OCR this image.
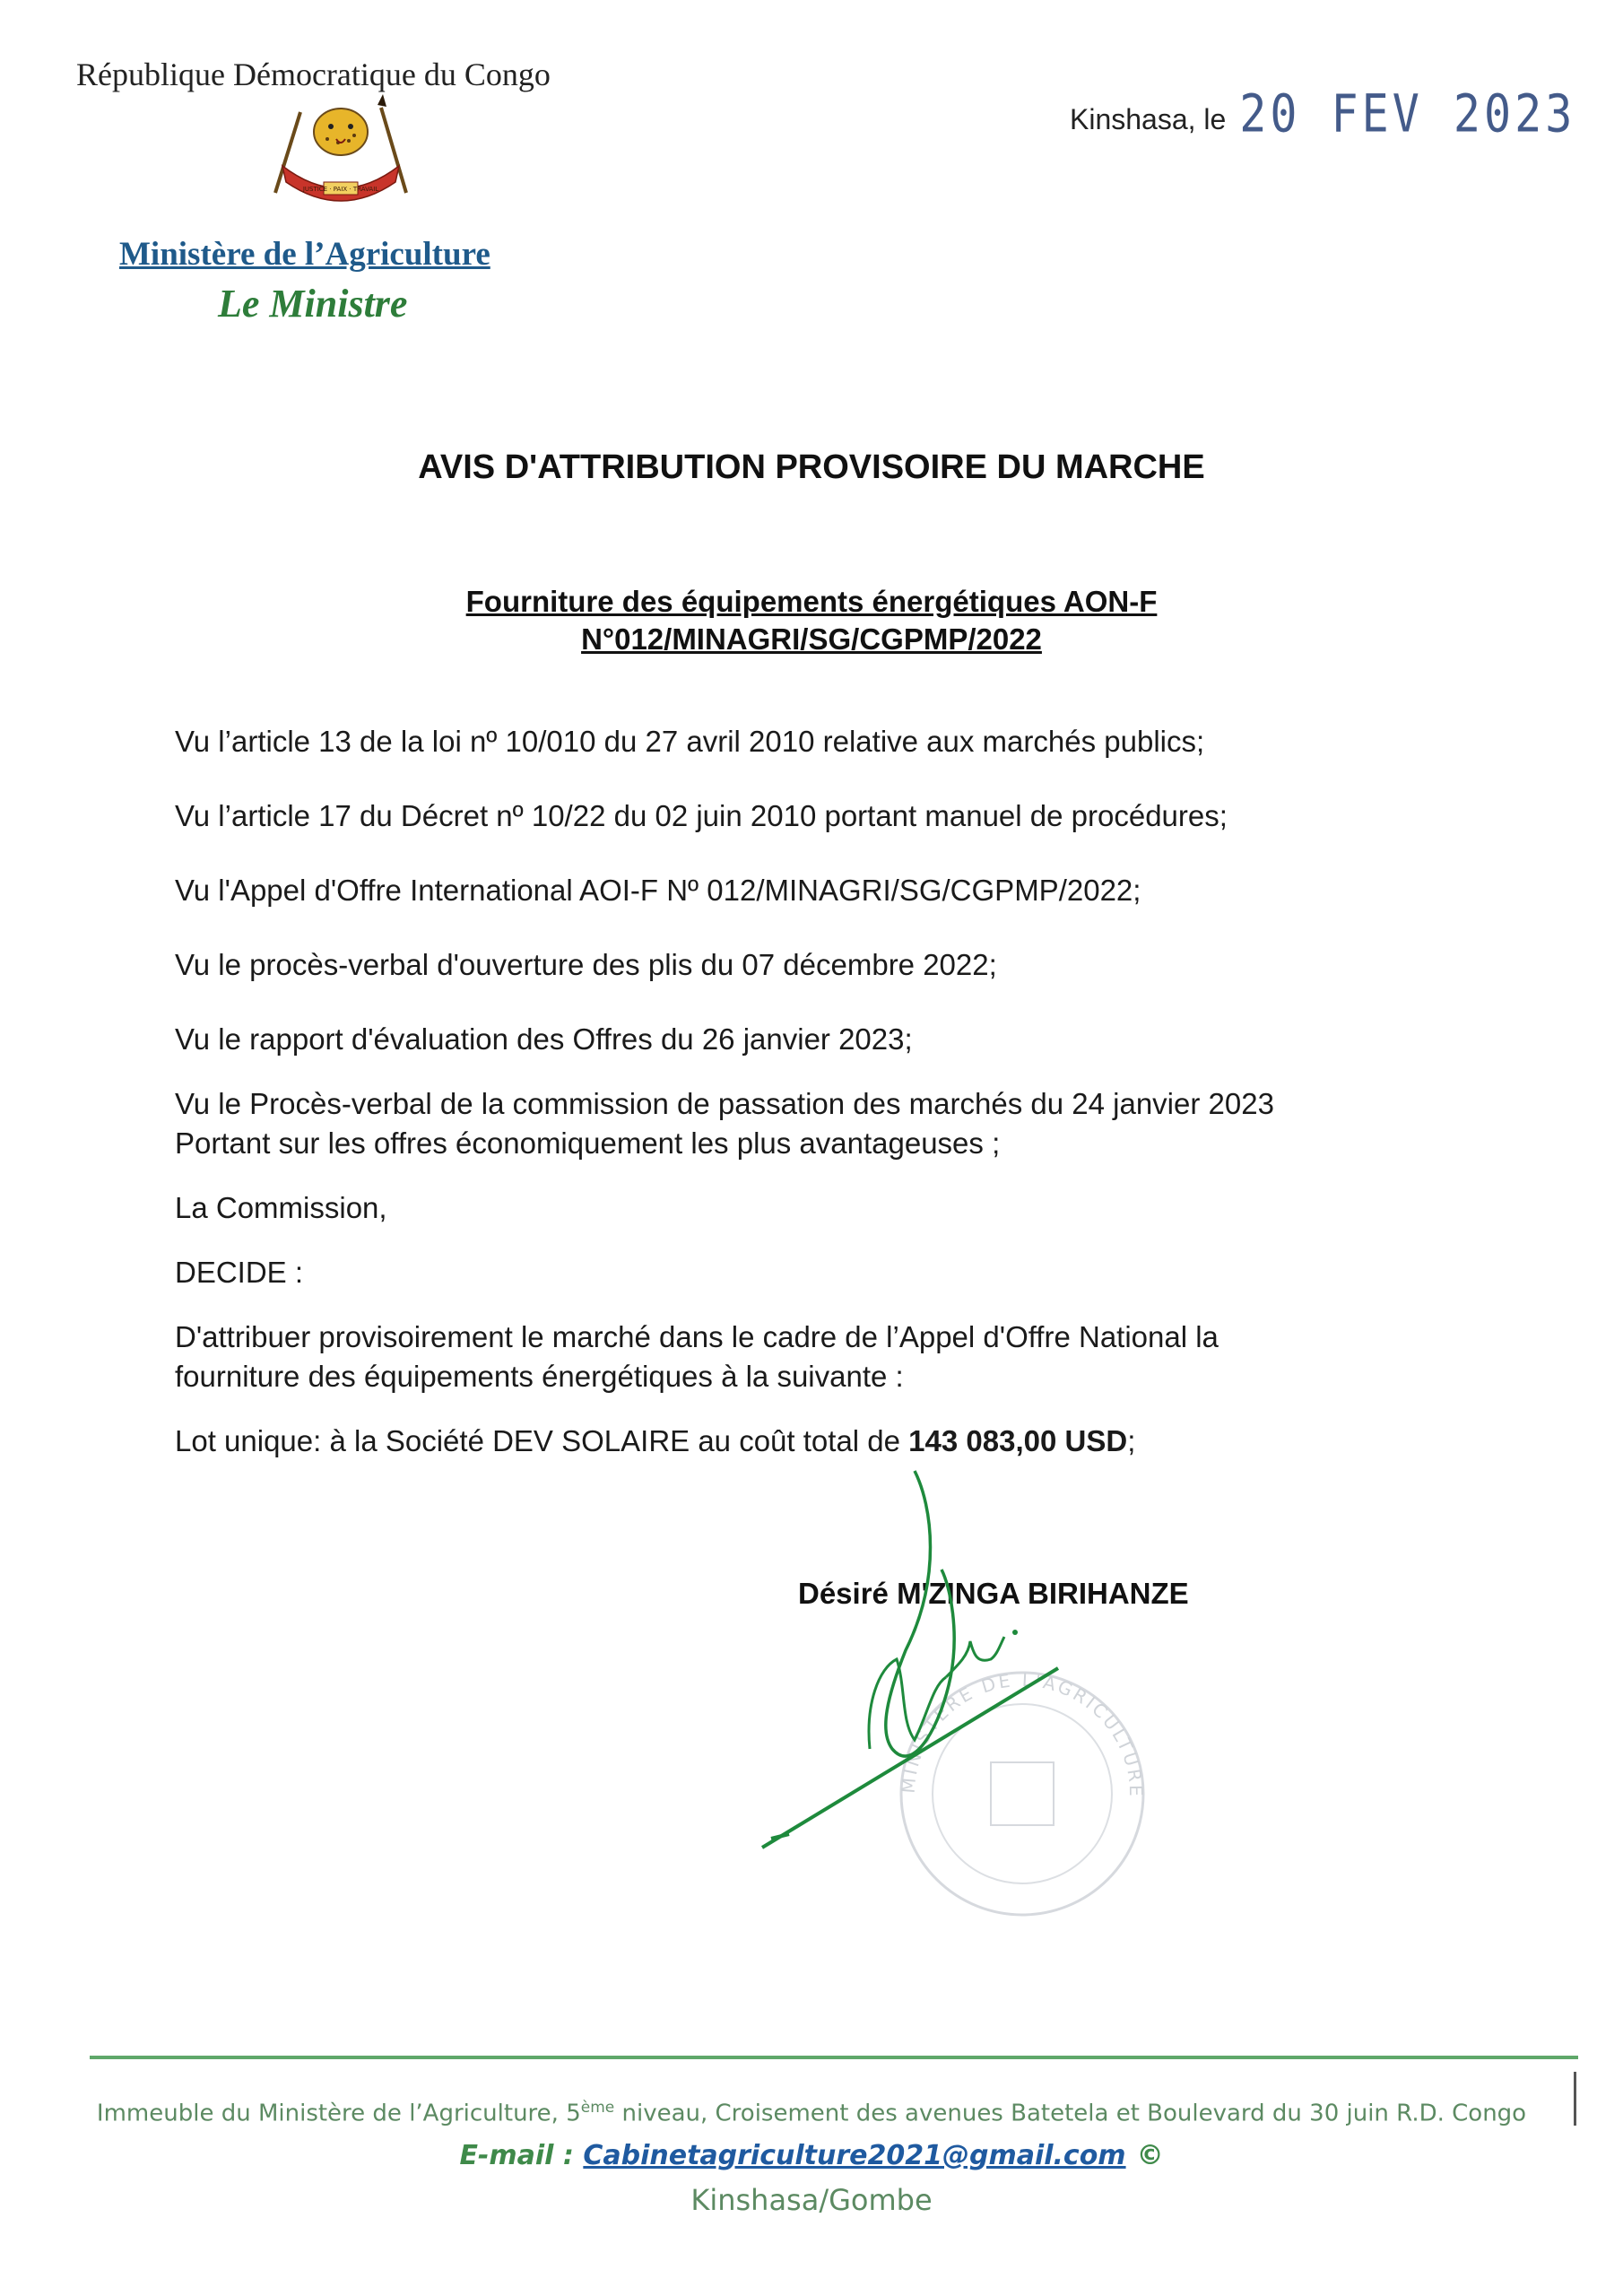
République Démocratique du Congo
JUSTICE · PAIX · TRAVAIL
Ministère de l’Agriculture
Le Ministre
Kinshasa, le 20 FEV 2023
AVIS D'ATTRIBUTION PROVISOIRE DU MARCHE
Fourniture des équipements énergétiques AON-F
N°012/MINAGRI/SG/CGPMP/2022

Vu l’article 13 de la loi nº 10/010 du 27 avril 2010 relative aux marchés publics;

Vu l’article 17 du Décret nº 10/22 du 02 juin 2010 portant manuel de procédures;

Vu l'Appel d'Offre International AOI-F Nº 012/MINAGRI/SG/CGPMP/2022;

Vu le procès-verbal d'ouverture des plis du 07 décembre 2022;

Vu le rapport d'évaluation des Offres du 26 janvier 2023;

Vu le Procès-verbal de la commission de passation des marchés du 24 janvier 2023

Portant sur les offres économiquement les plus avantageuses ;

La Commission,

DECIDE :

D'attribuer provisoirement le marché dans le cadre de l’Appel d'Offre National la

fourniture des équipements énergétiques à la suivante :

Lot unique: à la Société DEV SOLAIRE au coût total de 143 083,00 USD;

MINISTERE DE L'AGRICULTURE
Désiré M'ZINGA BIRIHANZE
Immeuble du Ministère de l’Agriculture, 5ème niveau, Croisement des avenues Batetela et Boulevard du 30 juin R.D. Congo
E-mail : Cabinetagriculture2021@gmail.com ©
Kinshasa/Gombe
